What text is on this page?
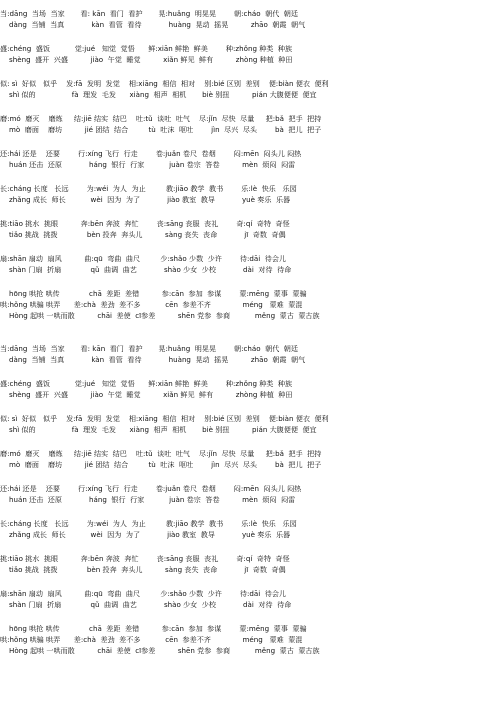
当:dāng  当场  当家       看: kān  看门  看护       晃:huǎng  明晃晃        朝:cháo  朝代  朝廷
dàng  当铺  当真            kàn  看管  看待            huàng  晃动  摇晃          zhāo  朝霞  朝气
盛:chéng  盛饭           觉:jué   知觉  觉悟      鲜:xiān 鲜艳  鲜美        种:zhǒng 种类  种族
shèng  盛开  兴盛          jiào  午觉  睡觉          xiǎn 鲜见  鲜有          zhòng 种植  种田
似: sì  好似   似乎    发:fā  发明  发觉    相:xiāng  相信  相对    别:bié 区别  差别    便:biàn 便衣  便利
shì 似的                fà  理发  毛发      xiàng  相声  相机       biè 别扭          pián 大腹便便  便宜
磨:mó  磨灭    磨炼     结:jiē 结实  结巴    吐:tǔ  谈吐  吐气    尽:jǐn  尽快  尽量     把:bǎ  把手  把持
mò  磨面    磨坊          jié 团结  结合         tù  吐沫  呕吐        jìn  尽兴  尽头        bà  把儿  把子
还:hái 还是    还要        行:xíng 飞行  行走        卷:juǎn 卷尺  卷烟        闷:mēn  闷头儿 闷热
huán 还击  还原            háng  银行  行家           juàn 卷宗  答卷          mèn  烦闷  闷雷
长:cháng 长度   长远        为:wéi  为人  为止         教:jiāo 教学  教书        乐:lè  快乐   乐园
zhǎng 成长  师长           wèi  因为  为了            jiào 教室  教导            yuè 奏乐  乐器
挑:tiāo 挑水  挑眼          奔:bēn 奔波  奔忙        丧:sāng 丧服  丧礼        奇:qí  奇特  奇怪
tiǎo 挑战  挑拨             bèn 投奔  奔头儿          sàng 丧失  丧命            jī  奇数  奇偶
扇:shān 扇动  扇风          曲:qū  弯曲  曲尺         少:shǎo 少数  少许        待:dāi  待会儿
shàn 门扇  折扇             qǔ  曲调  曲艺            shào 少女  少校            dài  对待  待命
hōng 哄抢 哄传             chā  差距  差错          参:cān  参加  参谋        蒙:mēng  蒙事  蒙骗
哄:hǒng 哄骗 哄弄      差:chà  差劲  差不多           cēn  参差不齐              méng   蒙难  蒙混
Hòng 起哄 一哄而散          chāi  差使  cī参差          shēn 党参  参商           měng  蒙古  蒙古族
当:dāng  当场  当家       看: kān  看门  看护       晃:huǎng  明晃晃        朝:cháo  朝代  朝廷
dàng  当铺  当真            kàn  看管  看待            huàng  晃动  摇晃          zhāo  朝霞  朝气
盛:chéng  盛饭           觉:jué   知觉  觉悟      鲜:xiān 鲜艳  鲜美        种:zhǒng 种类  种族
shèng  盛开  兴盛          jiào  午觉  睡觉          xiǎn 鲜见  鲜有          zhòng 种植  种田
似: sì  好似   似乎    发:fā  发明  发觉    相:xiāng  相信  相对    别:bié 区别  差别    便:biàn 便衣  便利
shì 似的                fà  理发  毛发      xiàng  相声  相机       biè 别扭          pián 大腹便便  便宜
磨:mó  磨灭    磨炼     结:jiē 结实  结巴    吐:tǔ  谈吐  吐气    尽:jǐn  尽快  尽量     把:bǎ  把手  把持
mò  磨面    磨坊          jié 团结  结合         tù  吐沫  呕吐        jìn  尽兴  尽头        bà  把儿  把子
还:hái 还是    还要        行:xíng 飞行  行走        卷:juǎn 卷尺  卷烟        闷:mēn  闷头儿 闷热
huán 还击  还原            háng  银行  行家           juàn 卷宗  答卷          mèn  烦闷  闷雷
长:cháng 长度   长远        为:wéi  为人  为止         教:jiāo 教学  教书        乐:lè  快乐   乐园
zhǎng 成长  师长           wèi  因为  为了            jiào 教室  教导            yuè 奏乐  乐器
挑:tiāo 挑水  挑眼          奔:bēn 奔波  奔忙        丧:sāng 丧服  丧礼        奇:qí  奇特  奇怪
tiǎo 挑战  挑拨             bèn 投奔  奔头儿          sàng 丧失  丧命            jī  奇数  奇偶
扇:shān 扇动  扇风          曲:qū  弯曲  曲尺         少:shǎo 少数  少许        待:dāi  待会儿
shàn 门扇  折扇             qǔ  曲调  曲艺            shào 少女  少校            dài  对待  待命
hōng 哄抢 哄传             chā  差距  差错          参:cān  参加  参谋        蒙:mēng  蒙事  蒙骗
哄:hǒng 哄骗 哄弄      差:chà  差劲  差不多           cēn  参差不齐              méng   蒙难  蒙混
Hòng 起哄 一哄而散          chāi  差使  cī参差          shēn 党参  参商           měng  蒙古  蒙古族
